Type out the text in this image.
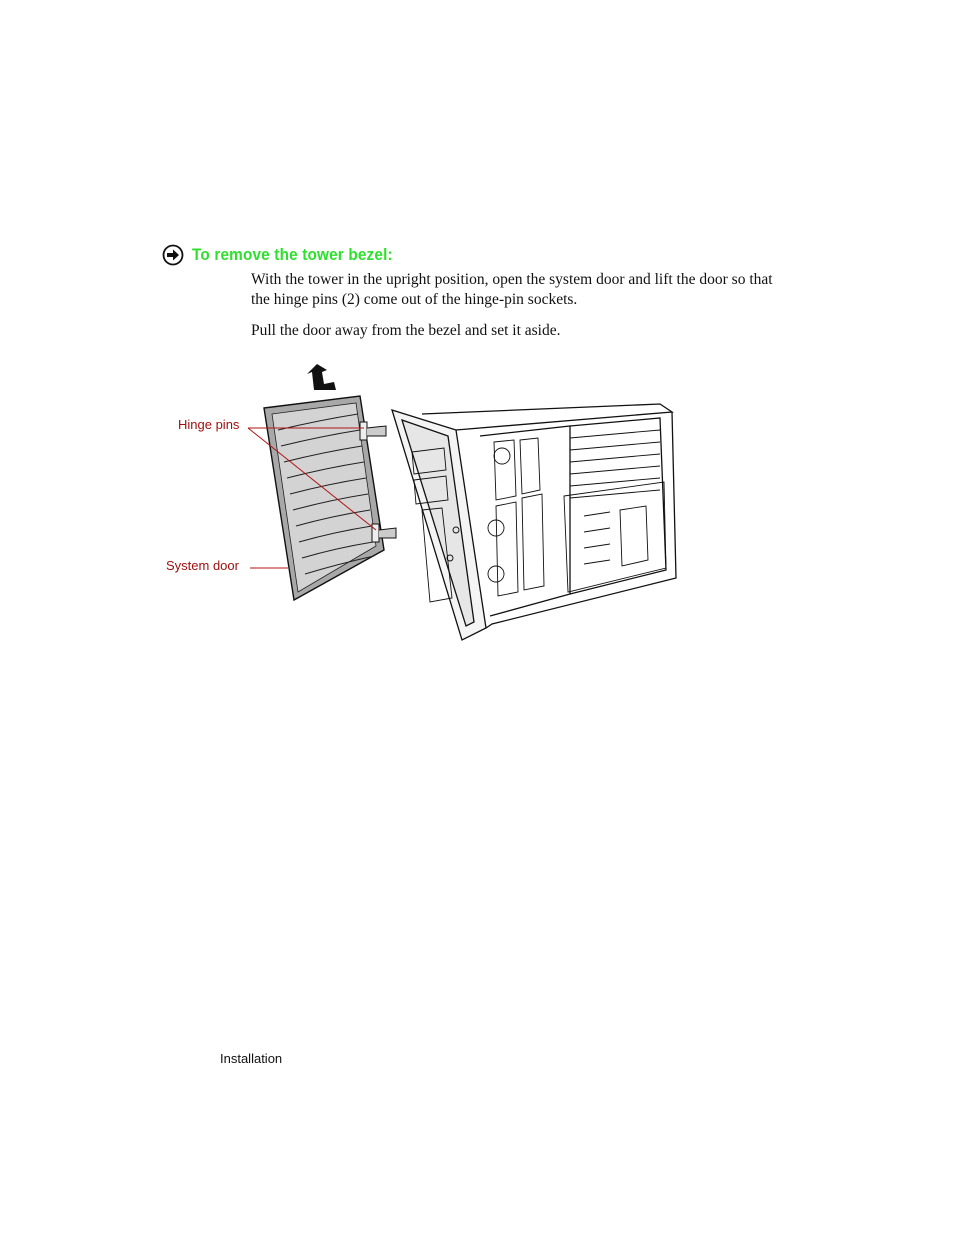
To remove the tower bezel:

With the tower in the upright position, open the system door and lift the door so that the hinge pins (2) come out of the hinge-pin sockets.

Pull the door away from the bezel and set it aside.

Hinge pins
System door
Installation
